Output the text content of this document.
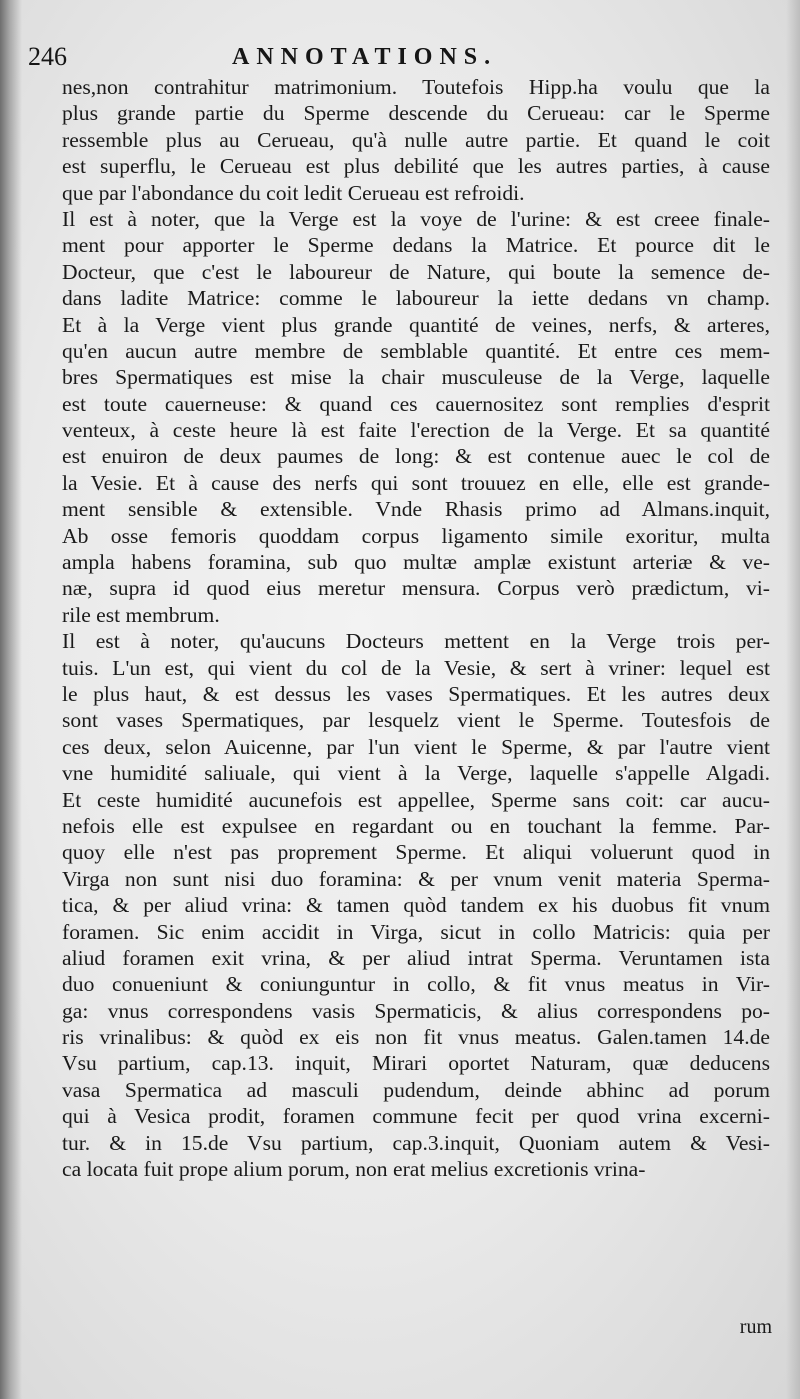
246	ANNOTATIONS.
nes,non contrahitur matrimonium. Toutefois Hipp.ha voulu que la
plus grande partie du Sperme descende du Cerueau: car le Sperme
ressemble plus au Cerueau, qu'à nulle autre partie. Et quand le coit
est superflu, le Cerueau est plus debilité que les autres parties, à cause
que par l'abondance du coit ledit Cerueau est refroidi.
Il est à noter, que la Verge est la voye de l'urine: & est creee finale-
ment pour apporter le Sperme dedans la Matrice. Et pource dit le
Docteur, que c'est le laboureur de Nature, qui boute la semence de-
dans ladite Matrice: comme le laboureur la iette dedans vn champ.
Et à la Verge vient plus grande quantité de veines, nerfs, & arteres,
qu'en aucun autre membre de semblable quantité. Et entre ces mem-
bres Spermatiques est mise la chair musculeuse de la Verge, laquelle
est toute cauerneuse: & quand ces cauernositez sont remplies d'esprit
venteux, à ceste heure là est faite l'erection de la Verge. Et sa quantité
est enuiron de deux paumes de long: & est contenue auec le col de
la Vesie. Et à cause des nerfs qui sont trouuez en elle, elle est grande-
ment sensible & extensible. Vnde Rhasis primo ad Almans.inquit,
Ab osse femoris quoddam corpus ligamento simile exoritur, multa
ampla habens foramina, sub quo multæ amplæ existunt arteriæ & ve-
næ, supra id quod eius meretur mensura. Corpus verò prædictum, vi-
rile est membrum.
Il est à noter, qu'aucuns Docteurs mettent en la Verge trois per-
tuis. L'un est, qui vient du col de la Vesie, & sert à vriner: lequel est
le plus haut, & est dessus les vases Spermatiques. Et les autres deux
sont vases Spermatiques, par lesquelz vient le Sperme. Toutesfois de
ces deux, selon Auicenne, par l'un vient le Sperme, & par l'autre vient
vne humidité saliuale, qui vient à la Verge, laquelle s'appelle Algadi.
Et ceste humidité aucunefois est appellee, Sperme sans coit: car aucu-
nefois elle est expulsee en regardant ou en touchant la femme. Par-
quoy elle n'est pas proprement Sperme. Et aliqui voluerunt quod in
Virga non sunt nisi duo foramina: & per vnum venit materia Sperma-
tica, & per aliud vrina: & tamen quòd tandem ex his duobus fit vnum
foramen. Sic enim accidit in Virga, sicut in collo Matricis: quia per
aliud foramen exit vrina, & per aliud intrat Sperma. Veruntamen ista
duo conueniunt & coniunguntur in collo, & fit vnus meatus in Vir-
ga: vnus correspondens vasis Spermaticis, & alius correspondens po-
ris vrinalibus: & quòd ex eis non fit vnus meatus. Galen.tamen 14.de
Vsu partium, cap.13. inquit, Mirari oportet Naturam, quæ deducens
vasa Spermatica ad masculi pudendum, deinde abhinc ad porum
qui à Vesica prodit, foramen commune fecit per quod vrina excerni-
tur. & in 15.de Vsu partium, cap.3.inquit, Quoniam autem & Vesi-
ca locata fuit prope alium porum, non erat melius excretionis vrina-
rum
